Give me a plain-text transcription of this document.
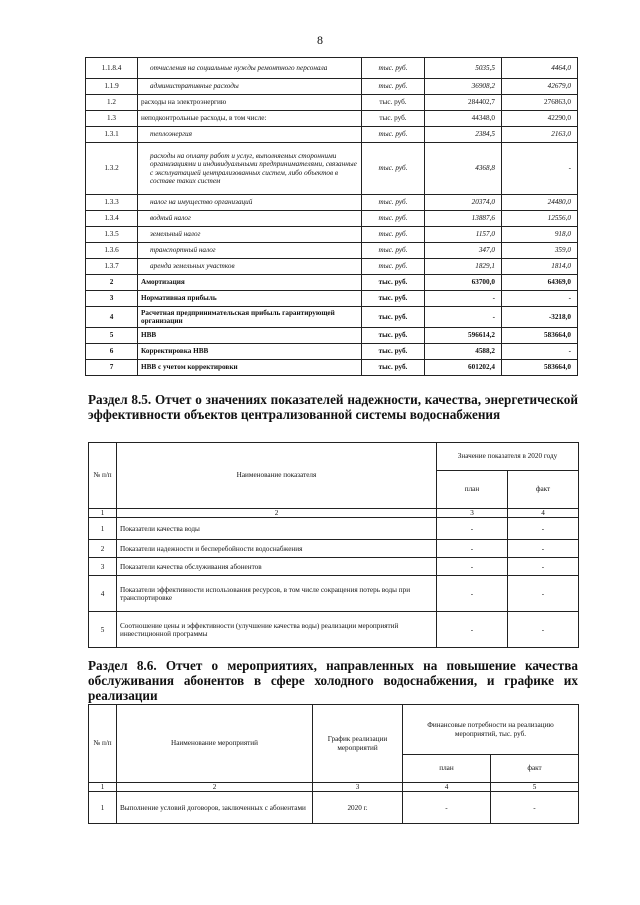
8
1.1.8.4	отчисления на социальные нужды ремонтного персонала	тыс. руб.	5035,5	4464,0
1.1.9	административные расходы	тыс. руб.	36908,2	42679,0
1.2	расходы на электроэнергию	тыс. руб.	284402,7	276863,0
1.3	неподконтрольные расходы, в том числе:	тыс. руб.	44348,0	42290,0
1.3.1	теплоэнергия	тыс. руб.	2384,5	2163,0
1.3.2	расходы на оплату работ и услуг, выполняемых сторонними организациями и индивидуальными предпринимателями, связанные с эксплуатацией централизованных систем, либо объектов в составе таких систем	тыс. руб.	4368,8	-
1.3.3	налог на имущество организаций	тыс. руб.	20374,0	24480,0
1.3.4	водный налог	тыс. руб.	13887,6	12556,0
1.3.5	земельный налог	тыс. руб.	1157,0	918,0
1.3.6	транспортный налог	тыс. руб.	347,0	359,0
1.3.7	аренда земельных участков	тыс. руб.	1829,1	1814,0
2	Амортизация	тыс. руб.	63700,0	64369,0
3	Нормативная прибыль	тыс. руб.	-	-
4	Расчетная предпринимательская прибыль гарантирующей организации	тыс. руб.	-	-3218,0
5	НВВ	тыс. руб.	596614,2	583664,0
6	Корректировка НВВ	тыс. руб.	4588,2	-
7	НВВ с учетом корректировки	тыс. руб.	601202,4	583664,0
Раздел 8.5. Отчет о значениях показателей надежности, качества, энергетической эффективности объектов централизованной системы водоснабжения
№ п/п	Наименование показателя	Значение показателя в 2020 году	
		план	факт
1	2	3	4
1	Показатели качества воды	-	-
2	Показатели надежности и бесперебойности водоснабжения	-	-
3	Показатели качества обслуживания абонентов	-	-
4	Показатели эффективности использования ресурсов, в том числе сокращения потерь воды при транспортировке	-	-
5	Соотношение цены и эффективности (улучшение качества воды) реализации мероприятий инвестиционной программы	-	-
Раздел 8.6. Отчет о мероприятиях, направленных на повышение качества обслуживания абонентов в сфере холодного водоснабжения, и графике их реализации
№ п/п	Наименование мероприятий	График реализации мероприятий	Финансовые потребности на реализацию мероприятий, тыс. руб.	
			план	факт
1	2	3	4	5
1	Выполнение условий договоров, заключенных с абонентами	2020 г.	-	-
